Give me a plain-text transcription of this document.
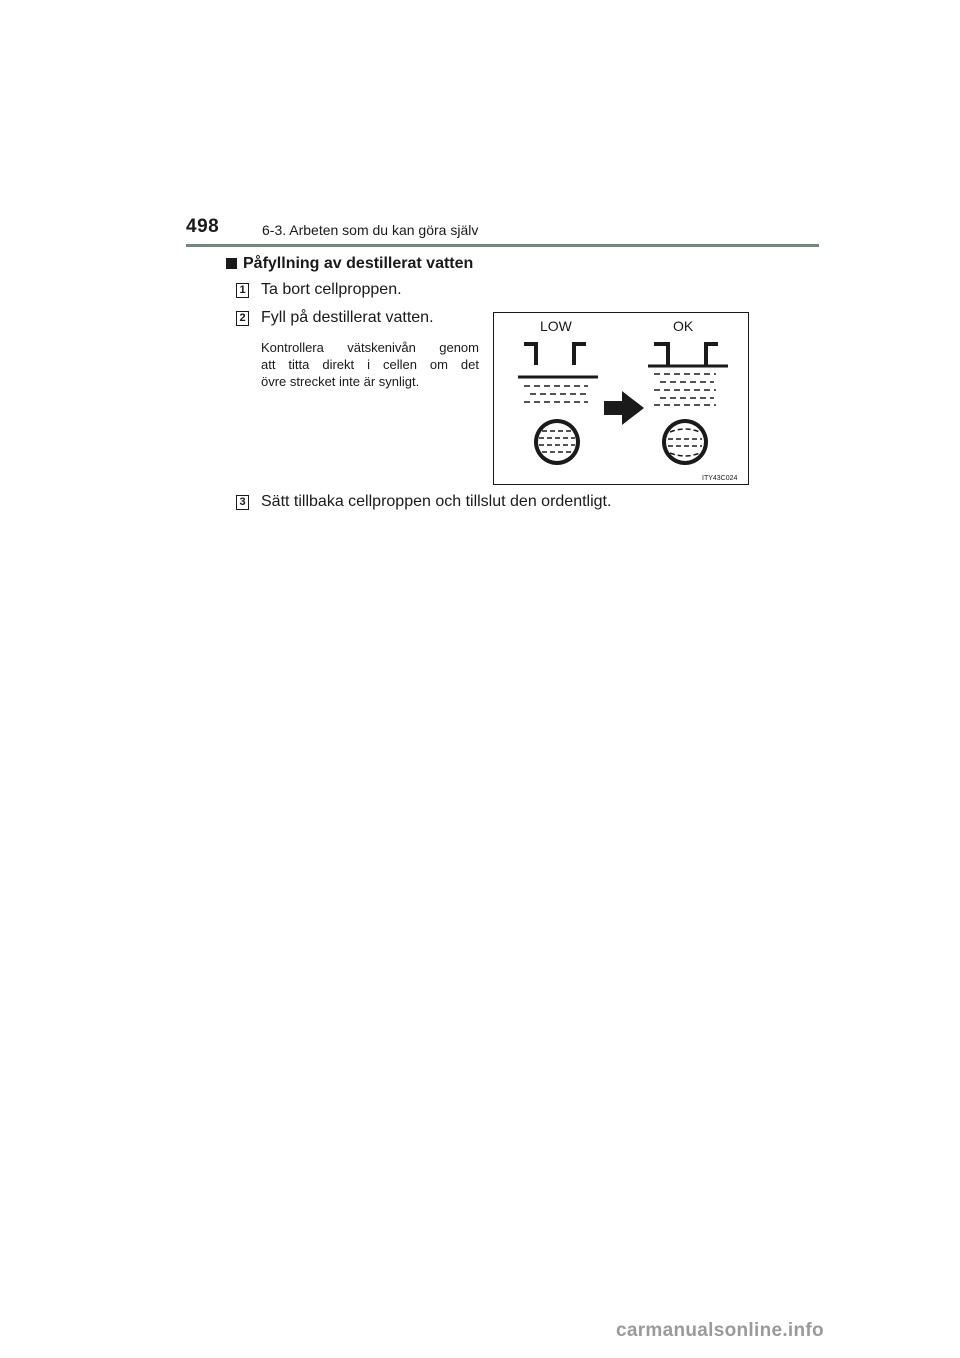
498	6-3. Arbeten som du kan göra själv
Påfyllning av destillerat vatten
1 Ta bort cellproppen.
2 Fyll på destillerat vatten.
Kontrollera vätskenivån genom
att titta direkt i cellen om det
övre strecket inte är synligt.
LOW	OK
ITY43C024
3 Sätt tillbaka cellproppen och tillslut den ordentligt.
carmanualsonline.info
